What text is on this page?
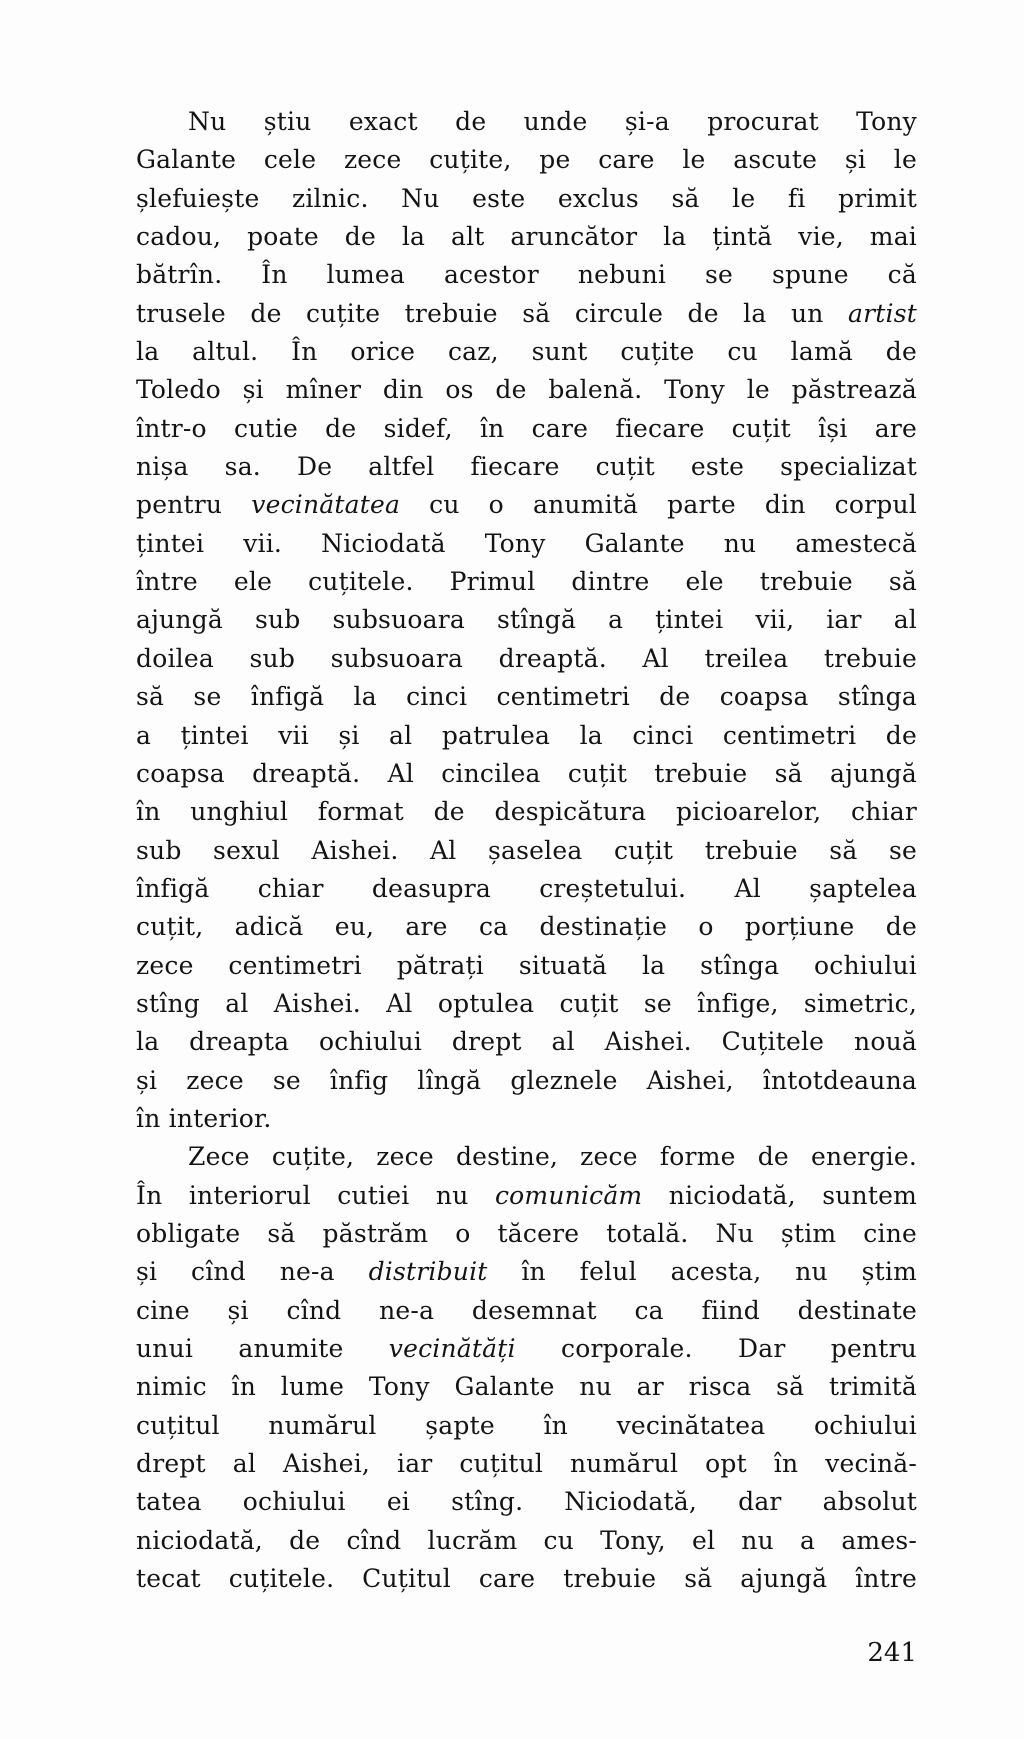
Nu știu exact de unde și-a procurat Tony
Galante cele zece cuțite, pe care le ascute și le
șlefuiește zilnic. Nu este exclus să le fi primit
cadou, poate de la alt aruncător la țintă vie, mai
bătrîn. În lumea acestor nebuni se spune că
trusele de cuțite trebuie să circule de la un artist
la altul. În orice caz, sunt cuțite cu lamă de
Toledo și mîner din os de balenă. Tony le păstrează
într-o cutie de sidef, în care fiecare cuțit își are
nișa sa. De altfel fiecare cuțit este specializat
pentru vecinătatea cu o anumită parte din corpul
țintei vii. Niciodată Tony Galante nu amestecă
între ele cuțitele. Primul dintre ele trebuie să
ajungă sub subsuoara stîngă a țintei vii, iar al
doilea sub subsuoara dreaptă. Al treilea trebuie
să se înfigă la cinci centimetri de coapsa stînga
a țintei vii și al patrulea la cinci centimetri de
coapsa dreaptă. Al cincilea cuțit trebuie să ajungă
în unghiul format de despicătura picioarelor, chiar
sub sexul Aishei. Al șaselea cuțit trebuie să se
înfigă chiar deasupra creștetului. Al șaptelea
cuțit, adică eu, are ca destinație o porțiune de
zece centimetri pătrați situată la stînga ochiului
stîng al Aishei. Al optulea cuțit se înfige, simetric,
la dreapta ochiului drept al Aishei. Cuțitele nouă
și zece se înfig lîngă gleznele Aishei, întotdeauna
în interior.
Zece cuțite, zece destine, zece forme de energie.
În interiorul cutiei nu comunicăm niciodată, suntem
obligate să păstrăm o tăcere totală. Nu știm cine
și cînd ne-a distribuit în felul acesta, nu știm
cine și cînd ne-a desemnat ca fiind destinate
unui anumite vecinătăți corporale. Dar pentru
nimic în lume Tony Galante nu ar risca să trimită
cuțitul numărul șapte în vecinătatea ochiului
drept al Aishei, iar cuțitul numărul opt în vecină-
tatea ochiului ei stîng. Niciodată, dar absolut
niciodată, de cînd lucrăm cu Tony, el nu a ames-
tecat cuțitele. Cuțitul care trebuie să ajungă între
241
